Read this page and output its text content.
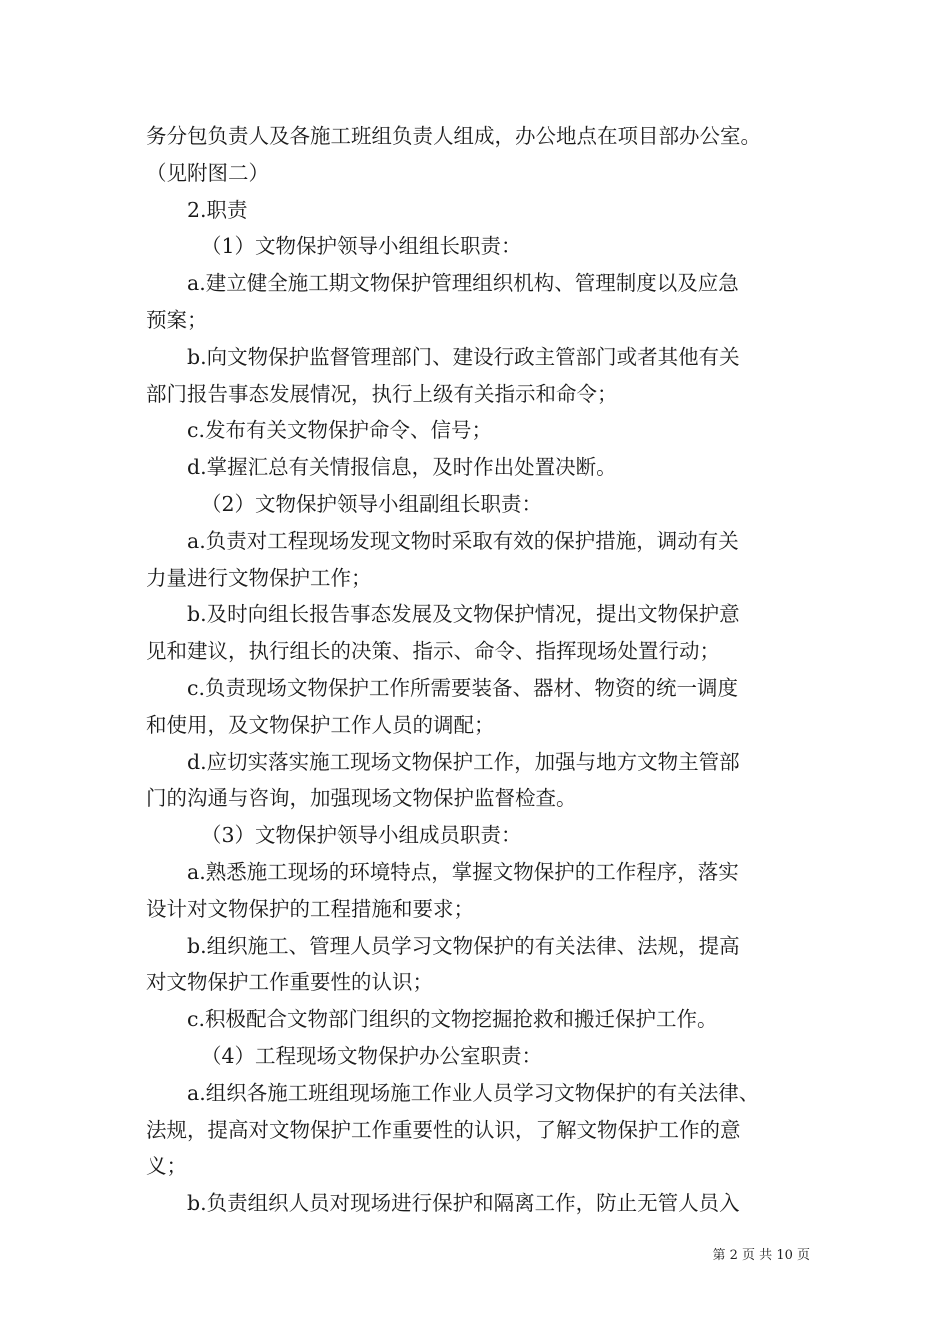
务分包负责人及各施工班组负责人组成，办公地点在项目部办公室。
（见附图二）
2.职责
（1）文物保护领导小组组长职责：
a.建立健全施工期文物保护管理组织机构、管理制度以及应急
预案；
b.向文物保护监督管理部门、建设行政主管部门或者其他有关
部门报告事态发展情况，执行上级有关指示和命令；
c.发布有关文物保护命令、信号；
d.掌握汇总有关情报信息，及时作出处置决断。
（2）文物保护领导小组副组长职责：
a.负责对工程现场发现文物时采取有效的保护措施，调动有关
力量进行文物保护工作；
b.及时向组长报告事态发展及文物保护情况，提出文物保护意
见和建议，执行组长的决策、指示、命令、指挥现场处置行动；
c.负责现场文物保护工作所需要装备、器材、物资的统一调度
和使用，及文物保护工作人员的调配；
d.应切实落实施工现场文物保护工作，加强与地方文物主管部
门的沟通与咨询，加强现场文物保护监督检查。
（3）文物保护领导小组成员职责：
a.熟悉施工现场的环境特点，掌握文物保护的工作程序，落实
设计对文物保护的工程措施和要求；
b.组织施工、管理人员学习文物保护的有关法律、法规，提高
对文物保护工作重要性的认识；
c.积极配合文物部门组织的文物挖掘抢救和搬迁保护工作。
（4）工程现场文物保护办公室职责：
a.组织各施工班组现场施工作业人员学习文物保护的有关法律、
法规，提高对文物保护工作重要性的认识，了解文物保护工作的意
义；
b.负责组织人员对现场进行保护和隔离工作，防止无管人员入
第 2 页 共 10 页
